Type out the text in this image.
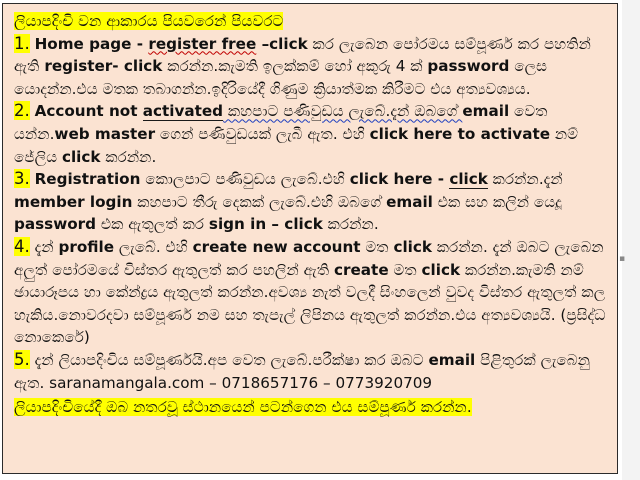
▪

ලියාපදිංචි වන ආකාරය පියවරෙන් පියවරට

1. Home page - register free –click කර ලැබෙන පෝරමය සම්පූර්ණ කර පහතින් ඇති register- click කරන්න.කැමති ඉලක්කම් හෝ අකුරු 4 ක් password ලෙස යොදන්න.එය මතක තබාගන්න.ඉදිරියේදී ගිණුම ක්‍රියාත්මක කිරීමට එය අත්‍යවශ්‍යය.

2. Account not activated කහපාට පණිවුඩය ලැබේ.දැන් ඔබගේ email වෙත යන්න.web master ගෙන් පණිවුඩයක් ලැබී ඇත. එහි click here to activate නම් ජේලිය click කරන්න.

3. Registration කොලපාට පණිවුඩය ලැබේ.එහි click here - click කරන්න.දැන් member login කහපාට තීරු දෙකක් ලැබේ.එහි ඔබගේ email එක සහ කලින් යෙදූ password එක ඇතුලත් කර sign in – click කරන්න.

4. දැන් profile ලැබේ. එහි create new account මත click කරන්න. දැන් ඔබට ලැබෙන අලුත් පෝරමයේ විස්තර ඇතුලත් කර පහලින් ඇති create මත click කරන්න.කැමති නම් ඡායාරූපය හා කේන්ද්‍රය ඇතුලත් කරන්න.අවශ්‍ය නැත් වලදී සිංහලෙන් වුවද විස්තර ඇතුලත් කල හැකිය.නොවරදවා සම්පූර්ණ නම සහ තැපැල් ලිපිනය ඇතුලත් කරන්න.එය අත්‍යවශ්‍යයි. (ප්‍රසිද්ධ නොකෙරේ)

5. දැන් ලියාපදිංචිය සම්පූර්ණයි.අප වෙත ලැබේ.පරීක්ෂා කර ඔබට email පිළිතුරක් ලැබෙනු ඇත. saranamangala.com – 0718657176 – 0773920709

ලියාපදිංචියේදී ඔබ නතරවූ ස්ථානයෙන් පටන්ගෙන එය සම්පූර්ණ කරන්න.
